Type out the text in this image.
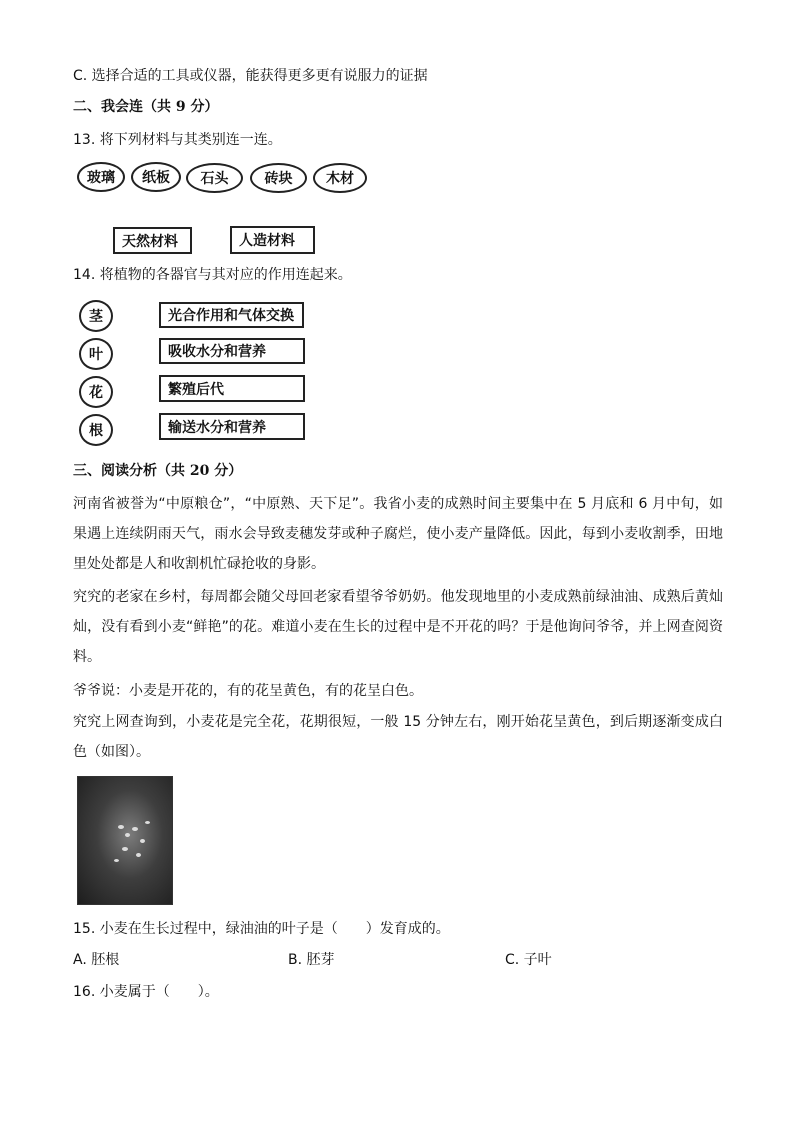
C. 选择合适的工具或仪器，能获得更多更有说服力的证据
二、我会连（共 9 分）
13. 将下列材料与其类别连一连。
玻璃	纸板	石头	砖块	木材
天然材料	人造材料
14. 将植物的各器官与其对应的作用连起来。
茎
叶
花
根
光合作用和气体交换
吸收水分和营养
繁殖后代
输送水分和营养
三、阅读分析（共 20 分）
河南省被誉为“中原粮仓”，“中原熟、天下足”。我省小麦的成熟时间主要集中在 5 月底和 6 月中旬，如果遇上连续阴雨天气，雨水会导致麦穗发芽或种子腐烂，使小麦产量降低。因此，每到小麦收割季，田地里处处都是人和收割机忙碌抢收的身影。
究究的老家在乡村，每周都会随父母回老家看望爷爷奶奶。他发现地里的小麦成熟前绿油油、成熟后黄灿灿，没有看到小麦“鲜艳”的花。难道小麦在生长的过程中是不开花的吗？于是他询问爷爷，并上网查阅资料。
爷爷说：小麦是开花的，有的花呈黄色，有的花呈白色。
究究上网查询到，小麦花是完全花，花期很短，一般 15 分钟左右，刚开始花呈黄色，到后期逐渐变成白色（如图）。
15. 小麦在生长过程中，绿油油的叶子是（　　）发育成的。
A. 胚根	B. 胚芽	C. 子叶
16. 小麦属于（　　）。
